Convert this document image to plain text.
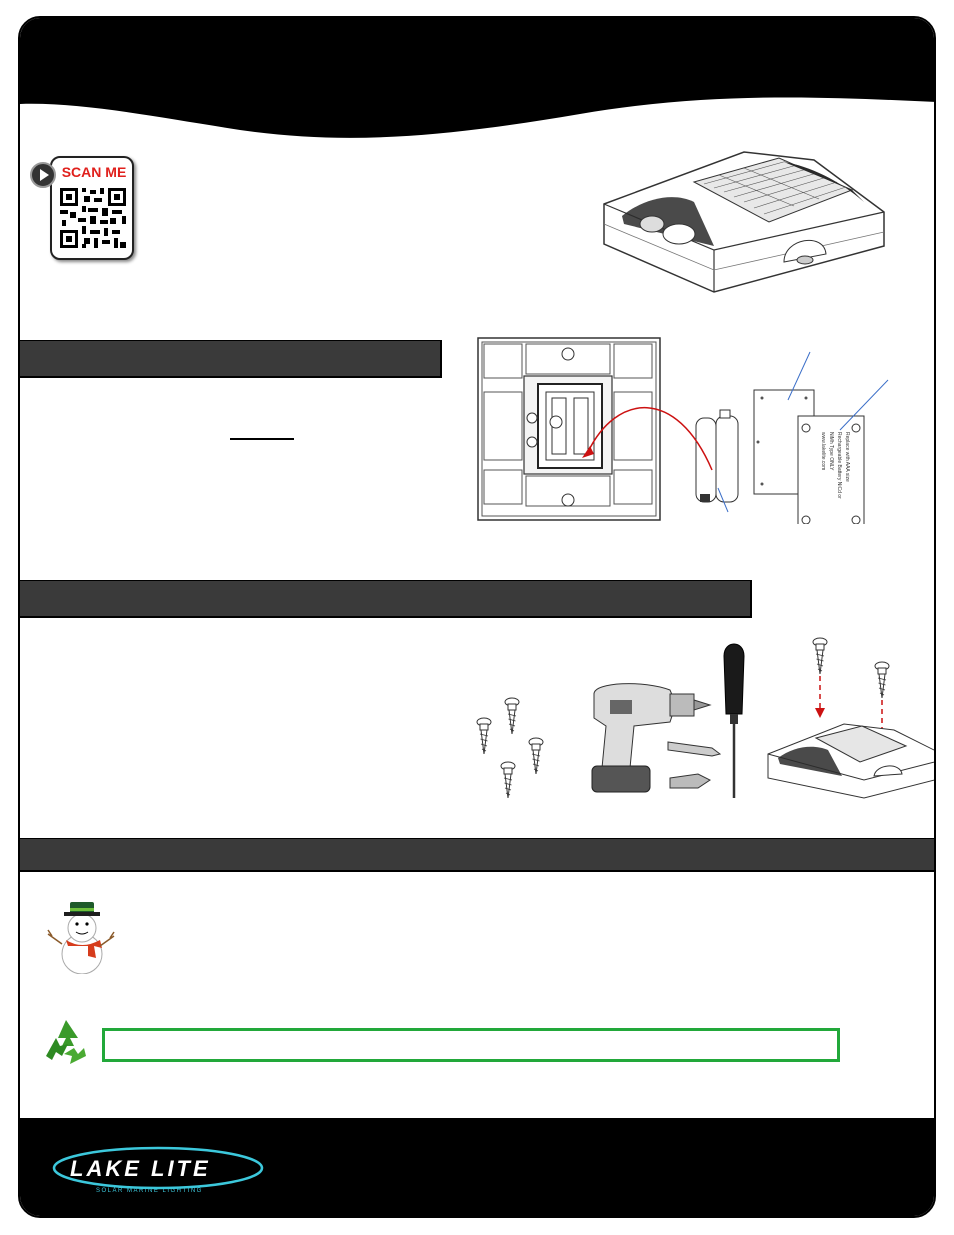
SCAN ME
Replace with AAA size
Rechargeable Battery NiCd or
NiMh Type ONLY
www.lakelite.com
LAKE LITE
SOLAR MARINE LIGHTING
